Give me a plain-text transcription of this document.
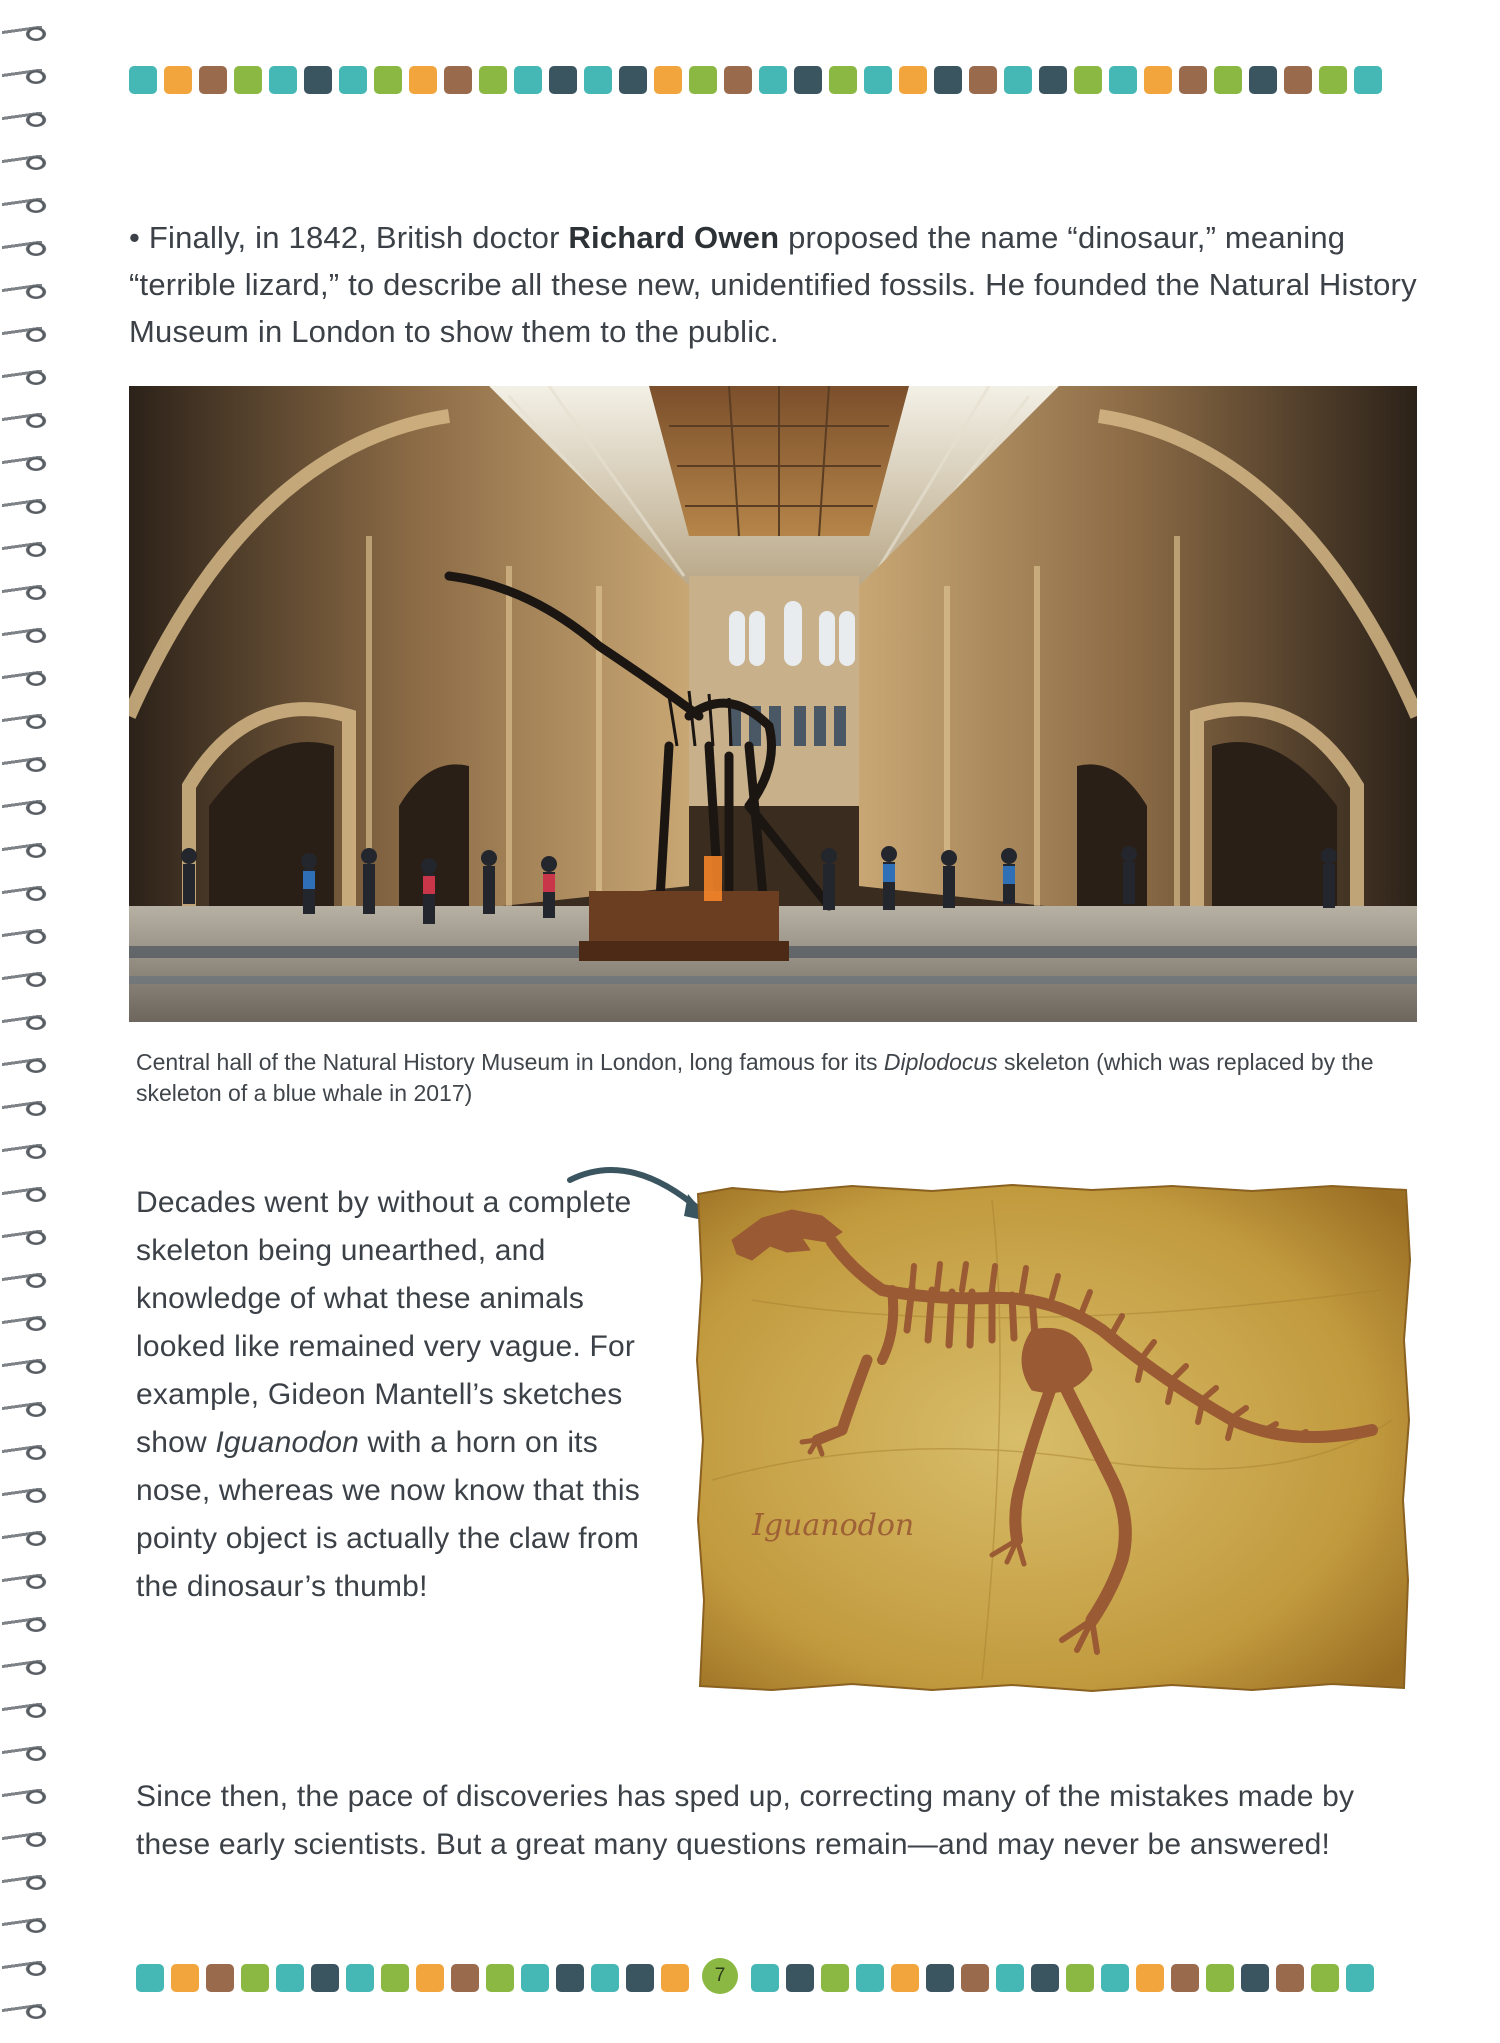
• Finally, in 1842, British doctor Richard Owen proposed the name “dinosaur,” meaning “terrible lizard,” to describe all these new, unidentified fossils. He founded the Natural History Museum in London to show them to the public.
Central hall of the Natural History Museum in London, long famous for its Diplodocus skeleton (which was replaced by the skeleton of a blue whale in 2017)
Decades went by without a complete skeleton being unearthed, and knowledge of what these animals looked like remained very vague. For example, Gideon Mantell’s sketches show Iguanodon with a horn on its nose, whereas we now know that this pointy object is actually the claw from the dinosaur’s thumb!
Iguanodon
Since then, the pace of discoveries has sped up, correcting many of the mistakes made by these early scientists. But a great many questions remain—and may never be answered!
7
